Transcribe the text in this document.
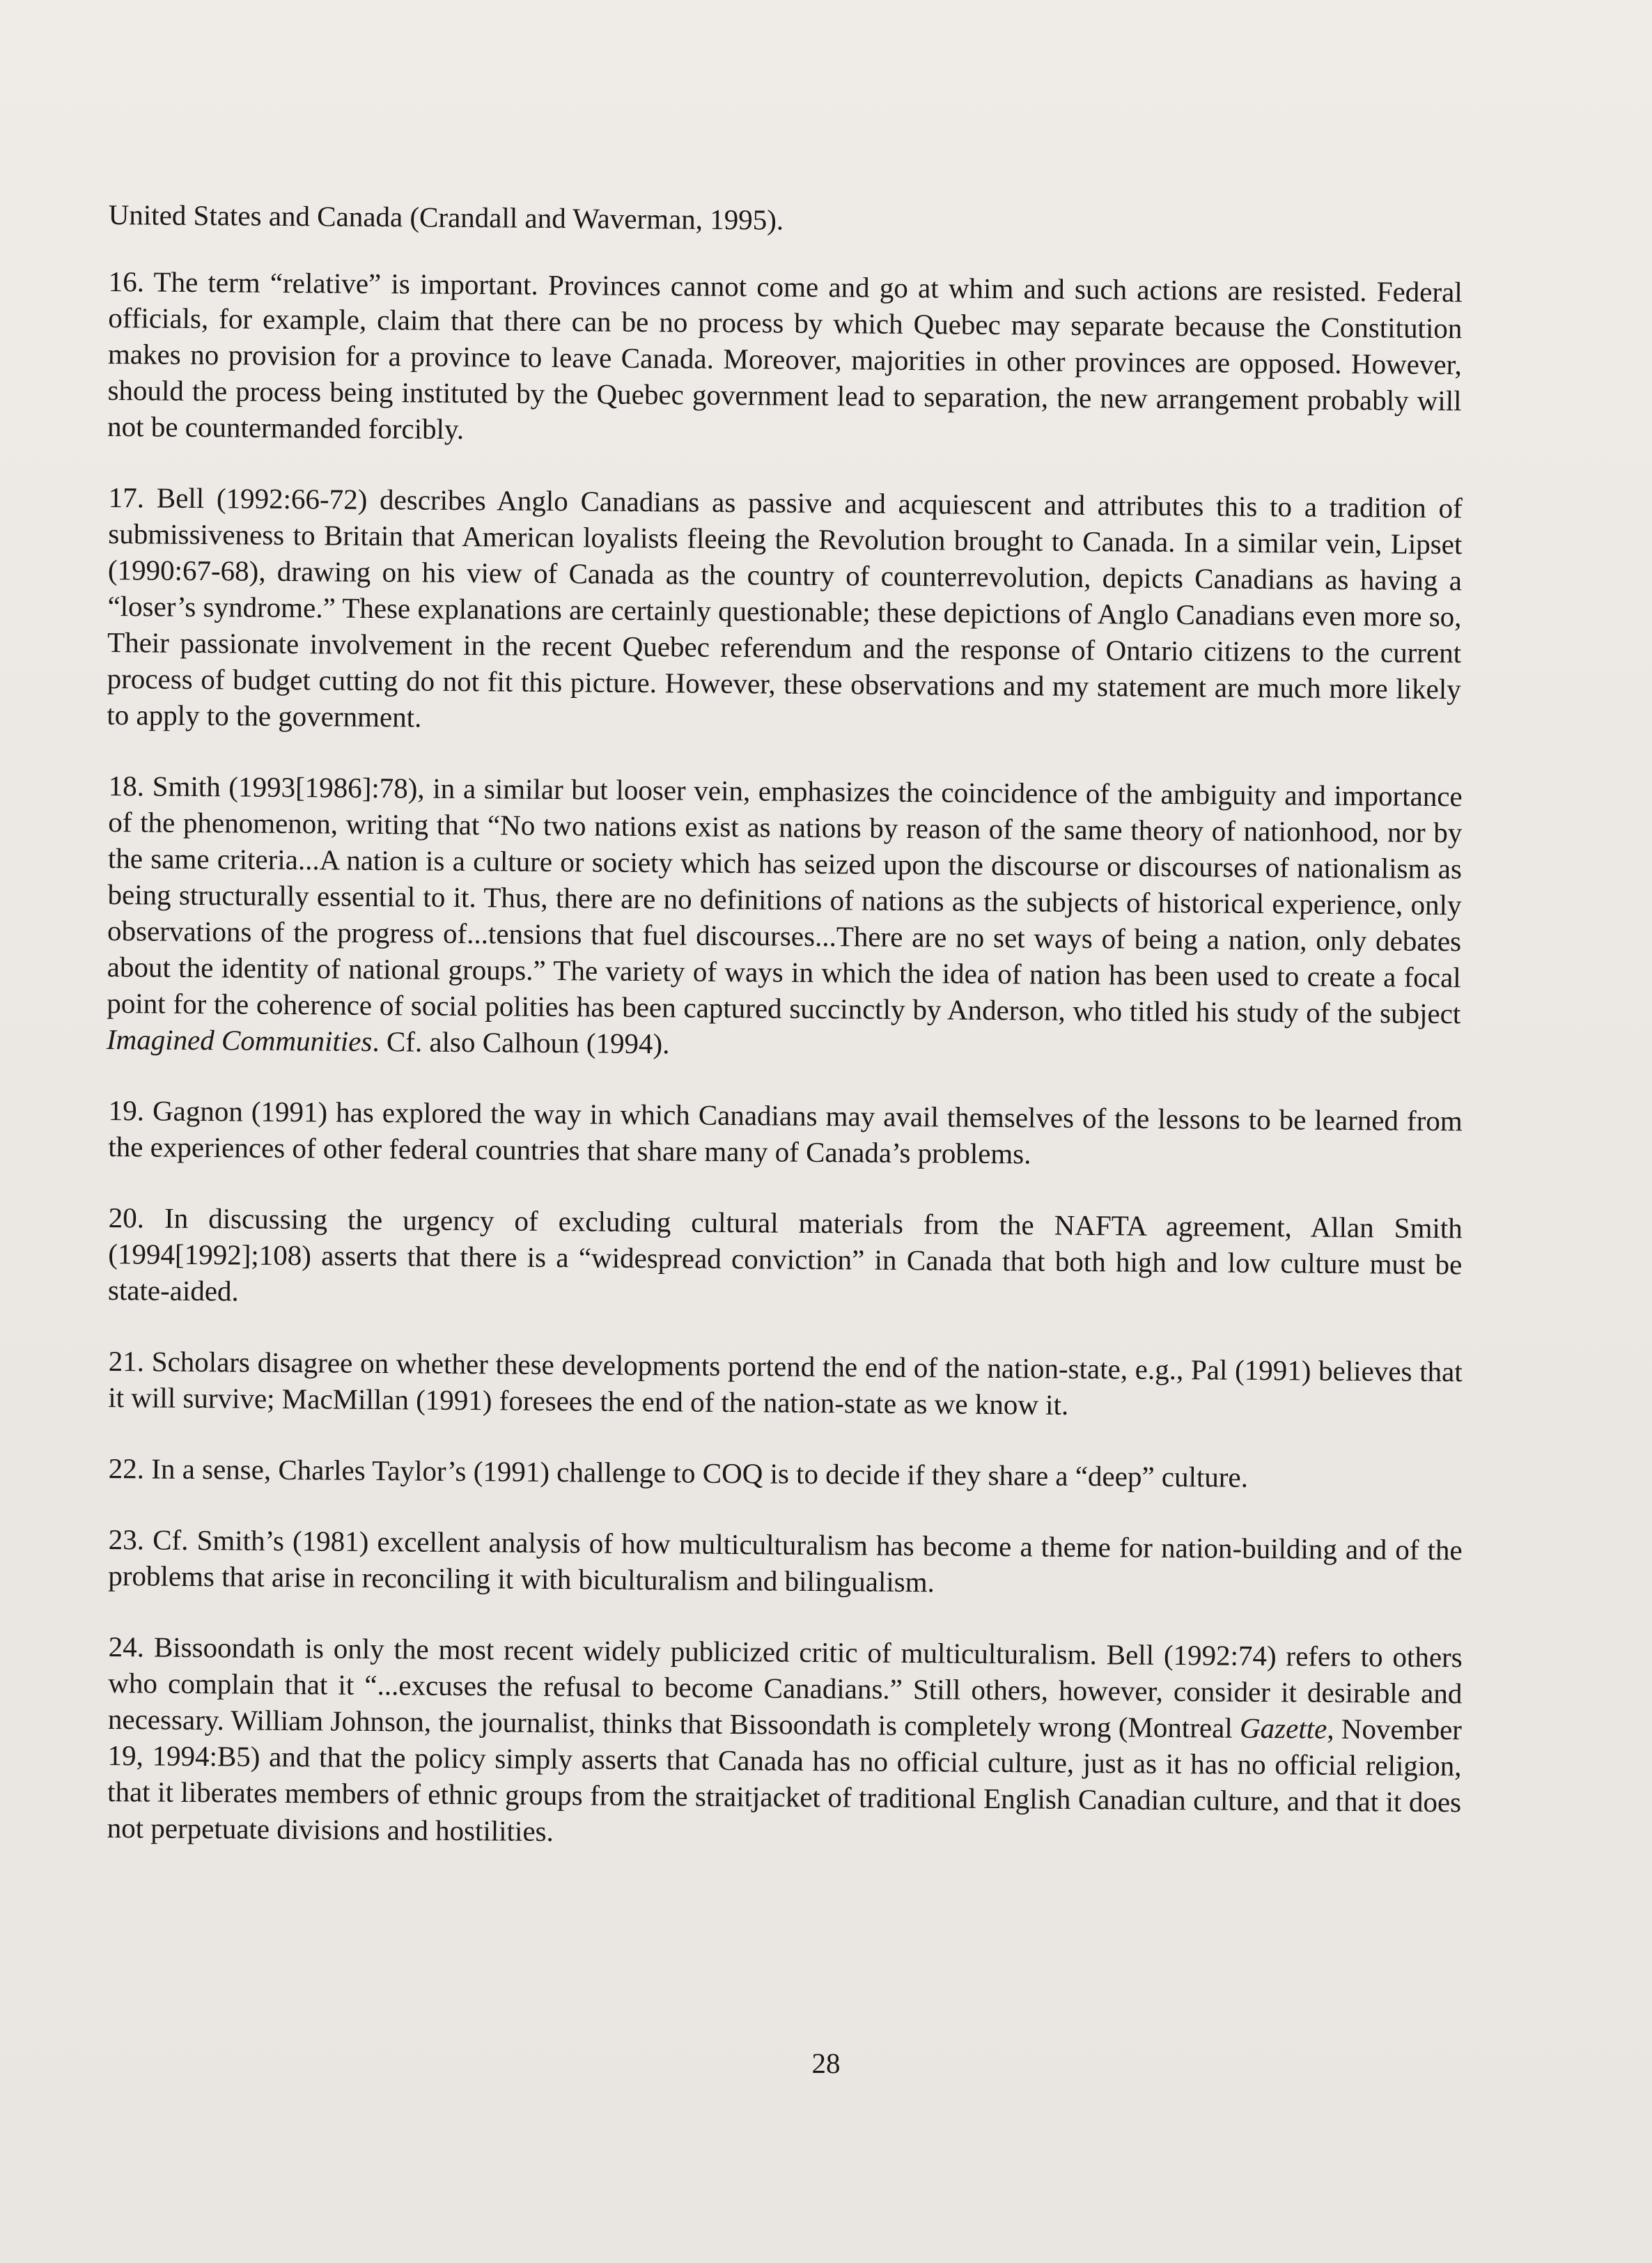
United States and Canada (Crandall and Waverman, 1995).

16. The term “relative” is important. Provinces cannot come and go at whim and such actions are resisted. Federal officials, for example, claim that there can be no process by which Quebec may separate because the Constitution makes no provision for a province to leave Canada. Moreover, majorities in other provinces are opposed. However, should the process being instituted by the Quebec government lead to separation, the new arrangement probably will not be countermanded forcibly.

17. Bell (1992:66-72) describes Anglo Canadians as passive and acquiescent and attributes this to a tradition of submissiveness to Britain that American loyalists fleeing the Revolution brought to Canada. In a similar vein, Lipset (1990:67-68), drawing on his view of Canada as the country of counterrevolution, depicts Canadians as having a “loser’s syndrome.” These explanations are certainly questionable; these depictions of Anglo Canadians even more so, Their passionate involvement in the recent Quebec referendum and the response of Ontario citizens to the current process of budget cutting do not fit this picture. However, these observations and my statement are much more likely to apply to the government.

18. Smith (1993[1986]:78), in a similar but looser vein, emphasizes the coincidence of the ambiguity and importance of the phenomenon, writing that “No two nations exist as nations by reason of the same theory of nationhood, nor by the same criteria...A nation is a culture or society which has seized upon the discourse or discourses of nationalism as being structurally essential to it. Thus, there are no definitions of nations as the subjects of historical experience, only observations of the progress of...tensions that fuel discourses...There are no set ways of being a nation, only debates about the identity of national groups.” The variety of ways in which the idea of nation has been used to create a focal point for the coherence of social polities has been captured succinctly by Anderson, who titled his study of the subject Imagined Communities. Cf. also Calhoun (1994).

19. Gagnon (1991) has explored the way in which Canadians may avail themselves of the lessons to be learned from the experiences of other federal countries that share many of Canada’s problems.

20. In discussing the urgency of excluding cultural materials from the NAFTA agreement, Allan Smith (1994[1992];108) asserts that there is a “widespread conviction” in Canada that both high and low culture must be state-aided.

21. Scholars disagree on whether these developments portend the end of the nation-state, e.g., Pal (1991) believes that it will survive; MacMillan (1991) foresees the end of the nation-state as we know it.

22. In a sense, Charles Taylor’s (1991) challenge to COQ is to decide if they share a “deep” culture.

23. Cf. Smith’s (1981) excellent analysis of how multiculturalism has become a theme for nation-building and of the problems that arise in reconciling it with biculturalism and bilingualism.

24. Bissoondath is only the most recent widely publicized critic of multiculturalism. Bell (1992:74) refers to others who complain that it “...excuses the refusal to become Canadians.” Still others, however, consider it desirable and necessary. William Johnson, the journalist, thinks that Bissoondath is completely wrong (Montreal Gazette, November 19, 1994:B5) and that the policy simply asserts that Canada has no official culture, just as it has no official religion, that it liberates members of ethnic groups from the straitjacket of traditional English Canadian culture, and that it does not perpetuate divisions and hostilities.

28
